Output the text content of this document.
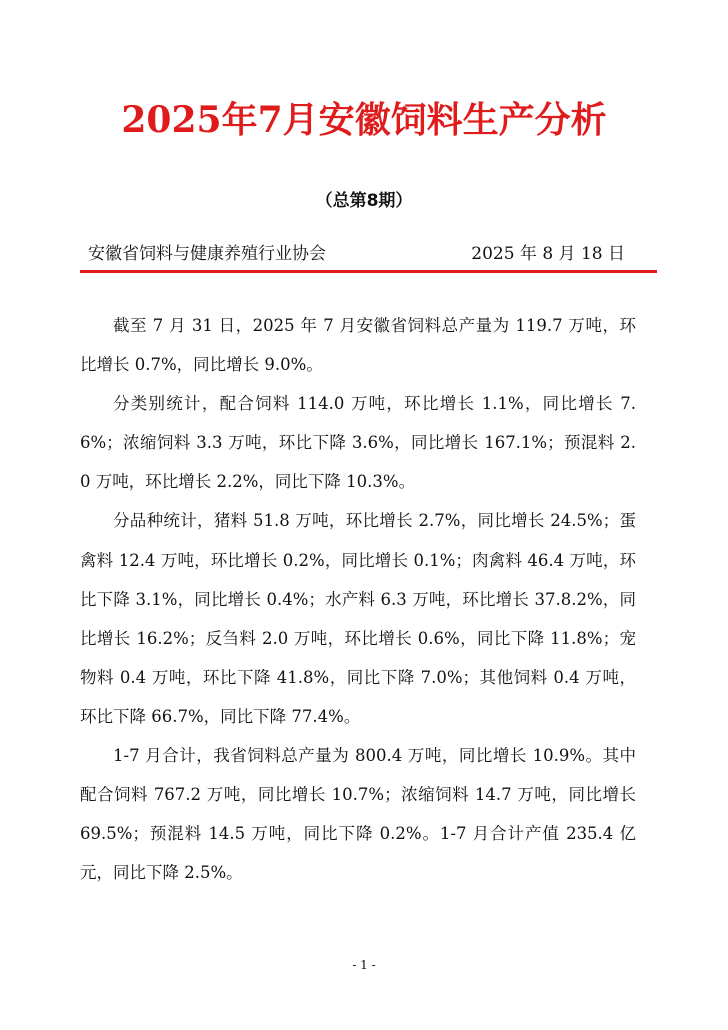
2025年7月安徽饲料生产分析
（总第8期）
安徽省饲料与健康养殖行业协会	2025 年 8 月 18 日

截至 7 月 31 日，2025 年 7 月安徽省饲料总产量为 119.7 万吨，环比增长 0.7%，同比增长 9.0%。

分类别统计，配合饲料 114.0 万吨，环比增长 1.1%，同比增长 7.6%；浓缩饲料 3.3 万吨，环比下降 3.6%，同比增长 167.1%；预混料 2.0 万吨，环比增长 2.2%，同比下降 10.3%。

分品种统计，猪料 51.8 万吨，环比增长 2.7%，同比增长 24.5%；蛋禽料 12.4 万吨，环比增长 0.2%，同比增长 0.1%；肉禽料 46.4 万吨，环比下降 3.1%，同比增长 0.4%；水产料 6.3 万吨，环比增长 37.8.2%，同比增长 16.2%；反刍料 2.0 万吨，环比增长 0.6%，同比下降 11.8%；宠物料 0.4 万吨，环比下降 41.8%，同比下降 7.0%；其他饲料 0.4 万吨，环比下降 66.7%，同比下降 77.4%。

1-7 月合计，我省饲料总产量为 800.4 万吨，同比增长 10.9%。其中配合饲料 767.2 万吨，同比增长 10.7%；浓缩饲料 14.7 万吨，同比增长 69.5%；预混料 14.5 万吨，同比下降 0.2%。1-7 月合计产值 235.4 亿元，同比下降 2.5%。

- 1 -
